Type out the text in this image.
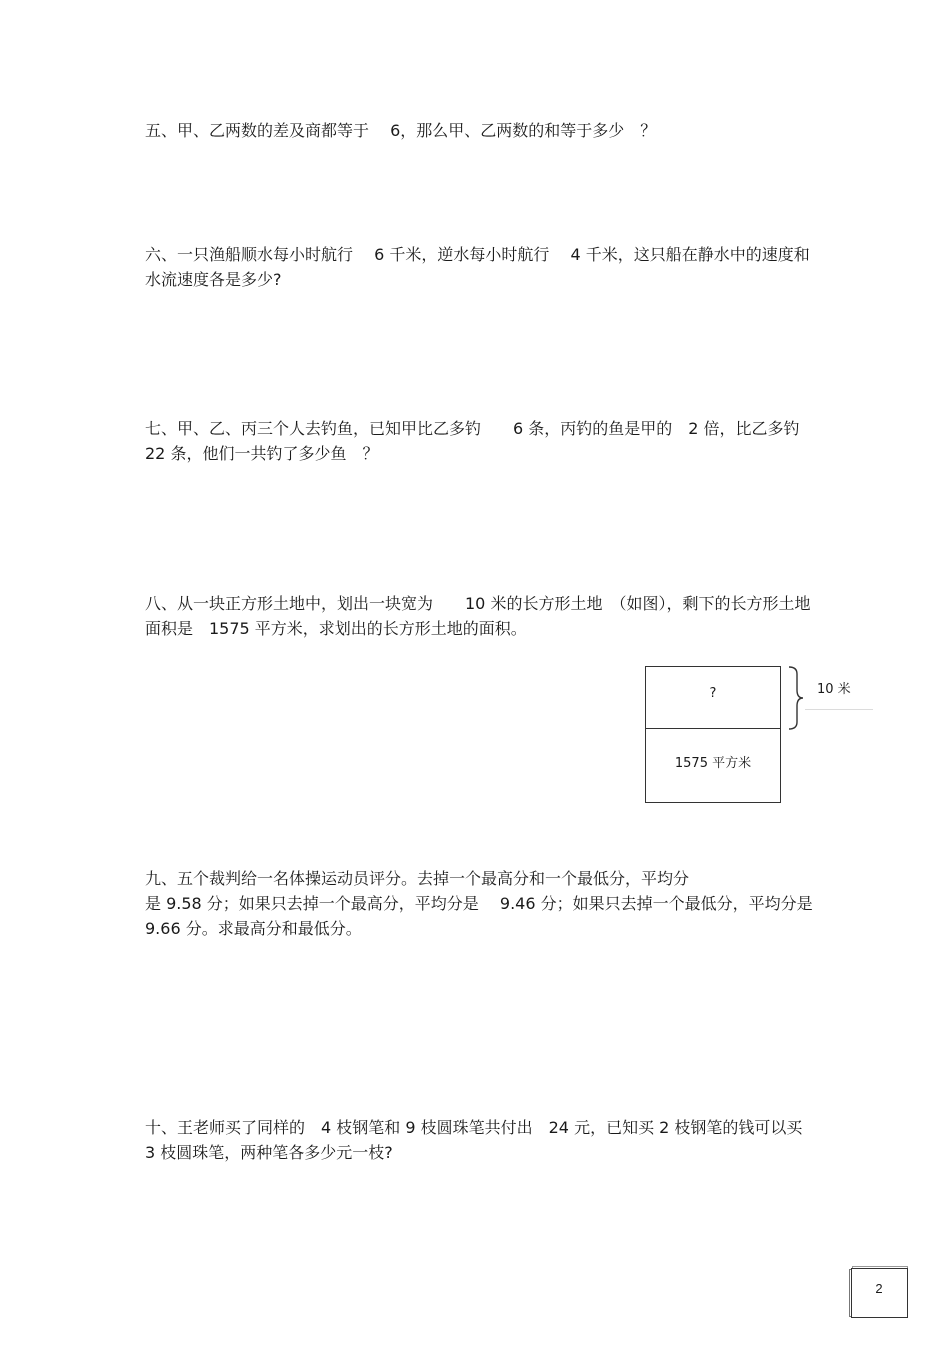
五、甲、乙两数的差及商都等于　 6，那么甲、乙两数的和等于多少　？

六、一只渔船顺水每小时航行　 6 千米，逆水每小时航行　 4 千米，这只船在静水中的速度和水流速度各是多少?

七、甲、乙、丙三个人去钓鱼，已知甲比乙多钓　　6 条，丙钓的鱼是甲的　2 倍，比乙多钓 22 条，他们一共钓了多少鱼　？

八、从一块正方形土地中，划出一块宽为　　10 米的长方形土地　（如图），剩下的长方形土地面积是　1575 平方米，求划出的长方形土地的面积。

?
1575 平方米
10 米

九、五个裁判给一名体操运动员评分。去掉一个最高分和一个最低分，平均分
是 9.58 分；如果只去掉一个最高分，平均分是　 9.46 分；如果只去掉一个最低分，平均分是　9.66 分。求最高分和最低分。

十、王老师买了同样的　4 枝钢笔和 9 枝圆珠笔共付出　24 元，已知买 2 枝钢笔的钱可以买 3 枝圆珠笔，两种笔各多少元一枝?

2
